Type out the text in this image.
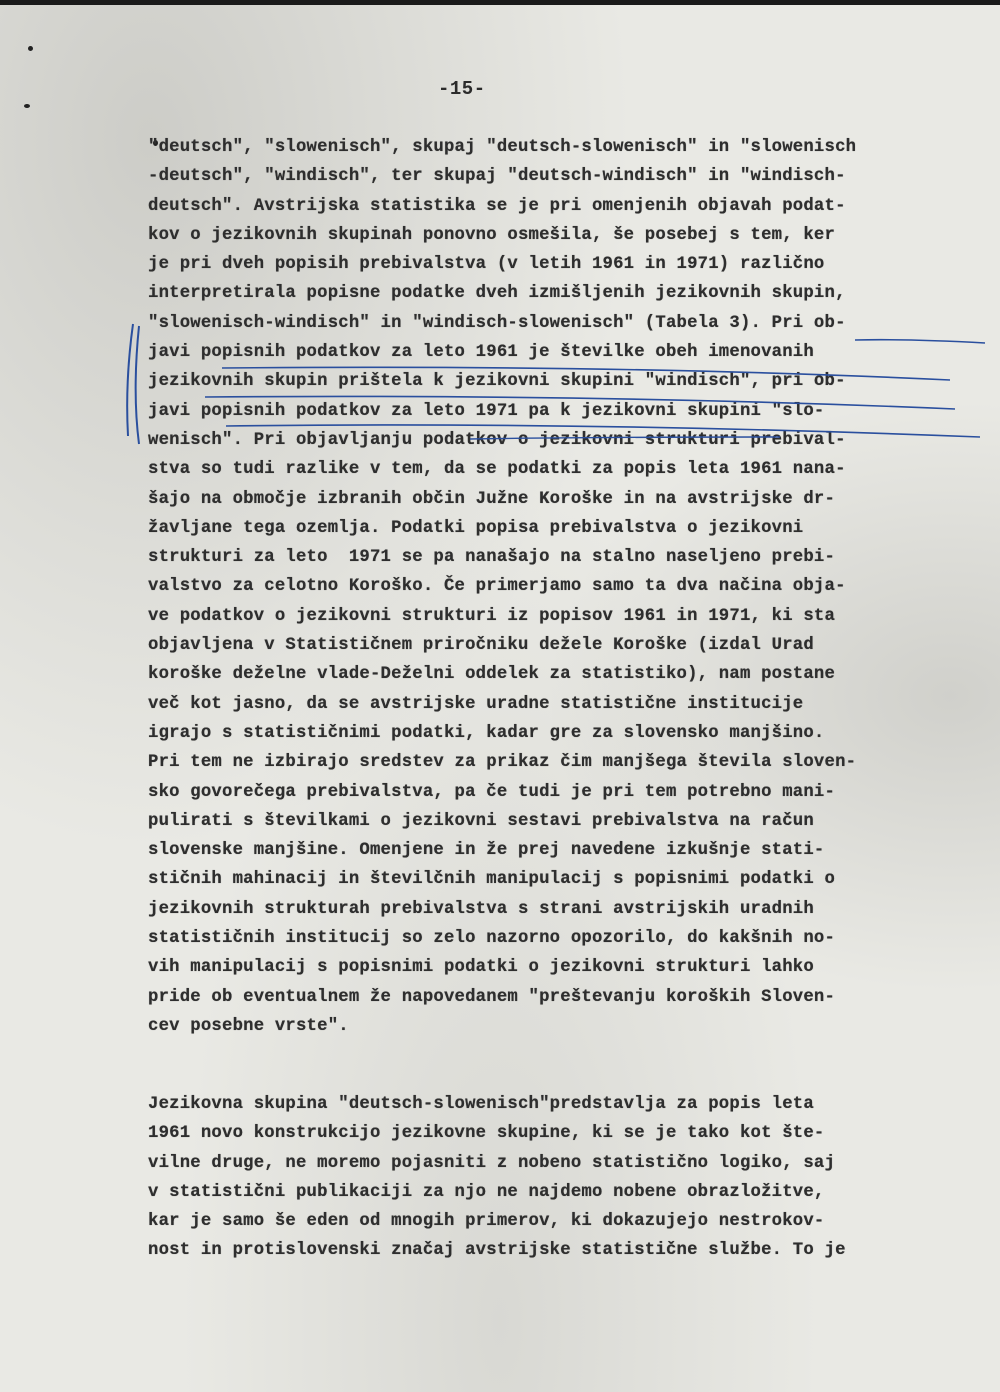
-15-
"deutsch", "slowenisch", skupaj "deutsch-slowenisch" in "slowenisch
-deutsch", "windisch", ter skupaj "deutsch-windisch" in "windisch-
deutsch". Avstrijska statistika se je pri omenjenih objavah podat-
kov o jezikovnih skupinah ponovno osmešila, še posebej s tem, ker
je pri dveh popisih prebivalstva (v letih 1961 in 1971) različno
interpretirala popisne podatke dveh izmišljenih jezikovnih skupin,
"slowenisch-windisch" in "windisch-slowenisch" (Tabela 3). Pri ob-
javi popisnih podatkov za leto 1961 je številke obeh imenovanih
jezikovnih skupin prištela k jezikovni skupini "windisch", pri ob-
javi popisnih podatkov za leto 1971 pa k jezikovni skupini "slo-
wenisch". Pri objavljanju podatkov o jezikovni strukturi prebival-
stva so tudi razlike v tem, da se podatki za popis leta 1961 nana-
šajo na območje izbranih občin Južne Koroške in na avstrijske dr-
žavljane tega ozemlja. Podatki popisa prebivalstva o jezikovni
strukturi za leto  1971 se pa nanašajo na stalno naseljeno prebi-
valstvo za celotno Koroško. Če primerjamo samo ta dva načina obja-
ve podatkov o jezikovni strukturi iz popisov 1961 in 1971, ki sta
objavljena v Statističnem priročniku dežele Koroške (izdal Urad
koroške deželne vlade-Deželni oddelek za statistiko), nam postane
več kot jasno, da se avstrijske uradne statistične institucije
igrajo s statističnimi podatki, kadar gre za slovensko manjšino.
Pri tem ne izbirajo sredstev za prikaz čim manjšega števila sloven-
sko govorečega prebivalstva, pa če tudi je pri tem potrebno mani-
pulirati s številkami o jezikovni sestavi prebivalstva na račun
slovenske manjšine. Omenjene in že prej navedene izkušnje stati-
stičnih mahinacij in številčnih manipulacij s popisnimi podatki o
jezikovnih strukturah prebivalstva s strani avstrijskih uradnih
statističnih institucij so zelo nazorno opozorilo, do kakšnih no-
vih manipulacij s popisnimi podatki o jezikovni strukturi lahko
pride ob eventualnem že napovedanem "preštevanju koroških Sloven-
cev posebne vrste".
Jezikovna skupina "deutsch-slowenisch"predstavlja za popis leta
1961 novo konstrukcijo jezikovne skupine, ki se je tako kot šte-
vilne druge, ne moremo pojasniti z nobeno statistično logiko, saj
v statistični publikaciji za njo ne najdemo nobene obrazložitve,
kar je samo še eden od mnogih primerov, ki dokazujejo nestrokov-
nost in protislovenski značaj avstrijske statistične službe. To je
